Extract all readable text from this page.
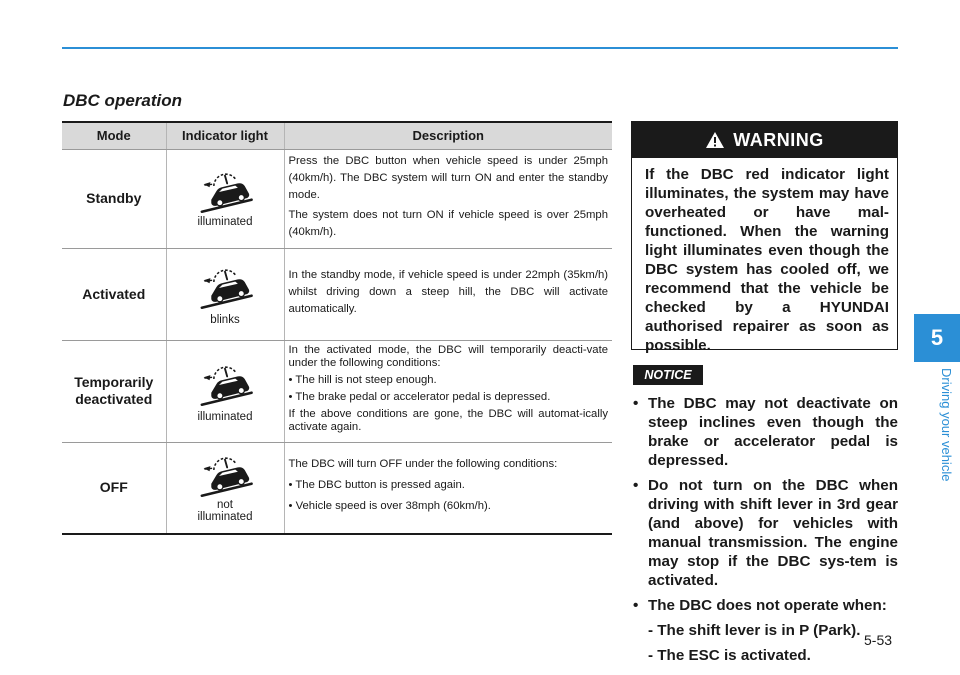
DBC operation
Mode	Indicator light	Description
Standby	illuminated	Press the DBC button when vehicle speed is under 25mph (40km/h). The DBC system will turn ON and enter the standby mode.

The system does not turn ON if vehicle speed is over 25mph (40km/h).

Activated	blinks	In the standby mode, if vehicle speed is under 22mph (35km/h) whilst driving down a steep hill, the DBC will activate automatically.

Temporarily deactivated	illuminated	In the activated mode, the DBC will temporarily deacti-vate under the following conditions:

• The hill is not steep enough.

• The brake pedal or accelerator pedal is depressed.

If the above conditions are gone, the DBC will automat-ically activate again.

OFF	not illuminated	The DBC will turn OFF under the following conditions:

• The DBC button is pressed again.

• Vehicle speed is over 38mph (60km/h).

WARNING

If the DBC red indicator light illuminates, the system may have overheated or have mal-functioned. When the warning light illuminates even though the DBC system has cooled off, we recommend that the vehicle be checked by a HYUNDAI authorised repairer as soon as possible.

NOTICE
• The DBC may not deactivate on steep inclines even though the brake or accelerator pedal is depressed.
• Do not turn on the DBC when driving with shift lever in 3rd gear (and above) for vehicles with manual transmission. The engine may stop if the DBC sys-tem is activated.
• The DBC does not operate when:
- The shift lever is in P (Park).
- The ESC is activated.
5-53
5
Driving your vehicle
